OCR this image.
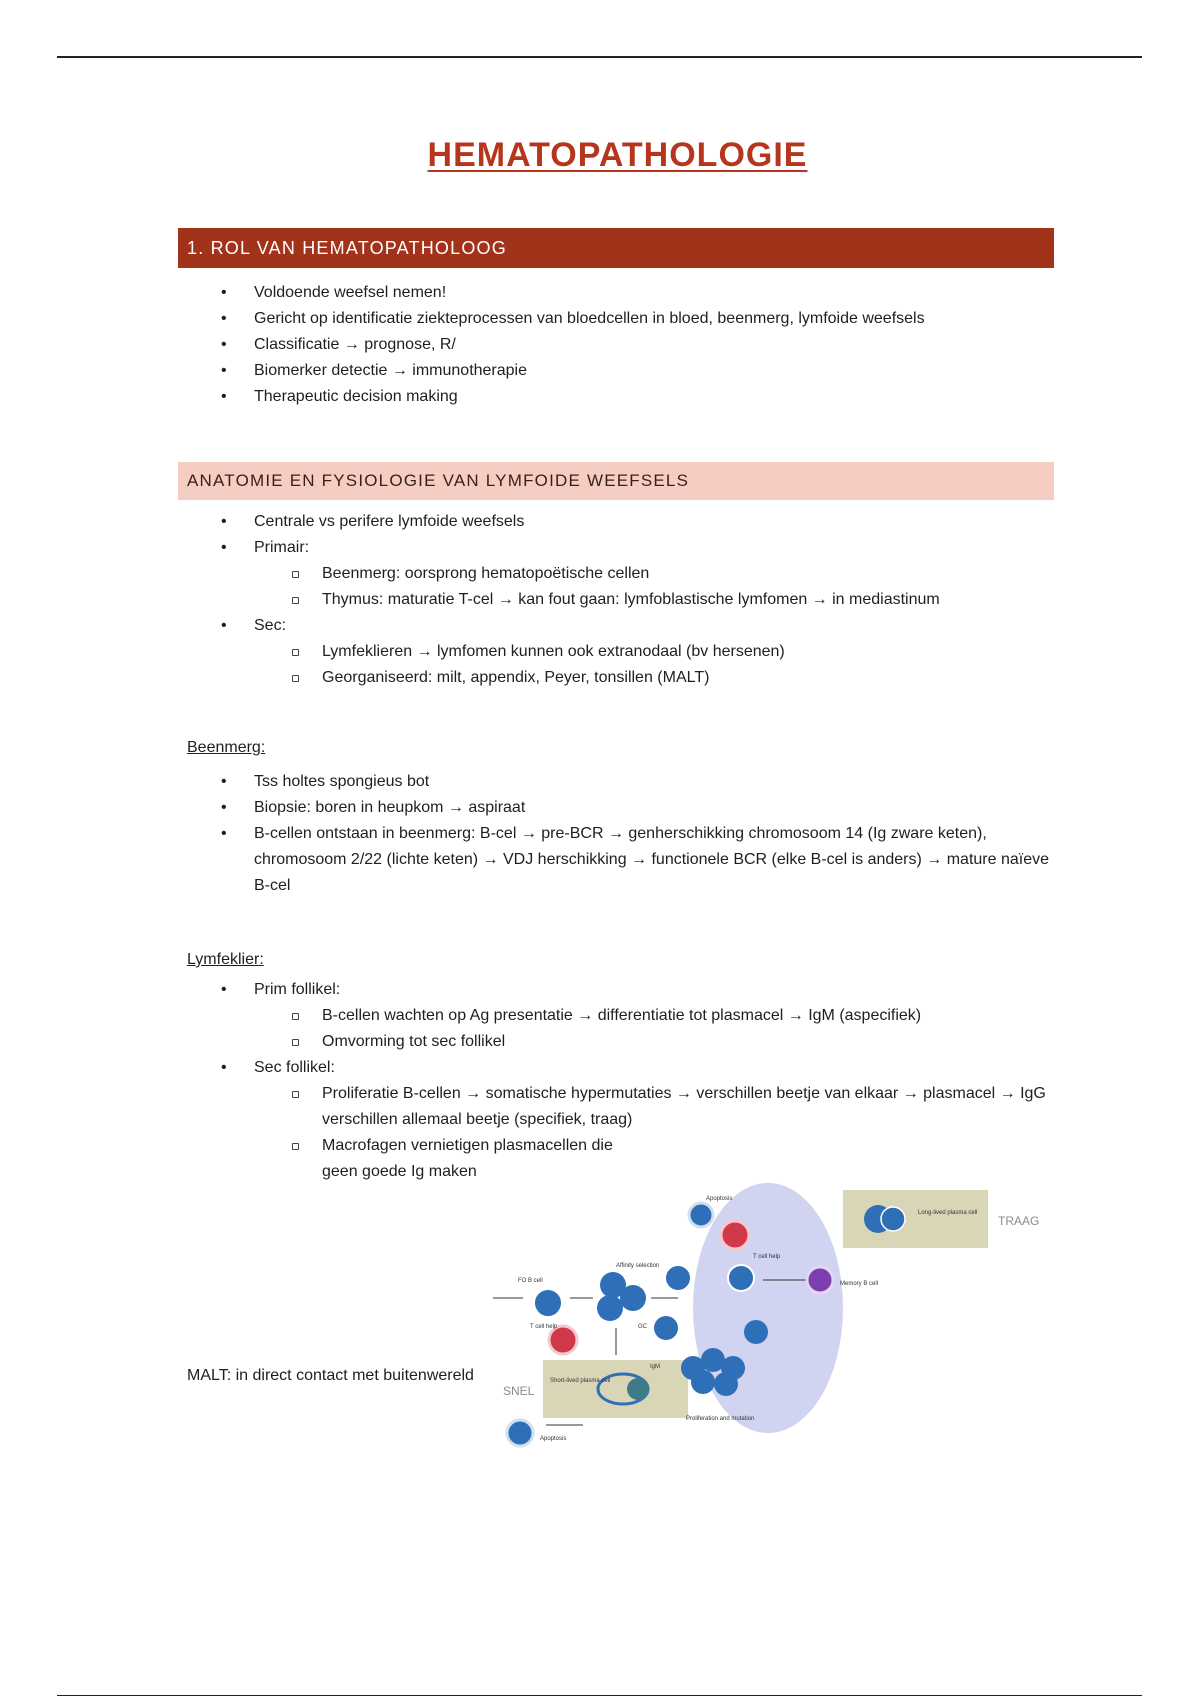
HEMATOPATHOLOGIE
1. ROL VAN HEMATOPATHOLOOG
• Voldoende weefsel nemen!
• Gericht op identificatie ziekteprocessen van bloedcellen in bloed, beenmerg, lymfoide weefsels
• Classificatie → prognose, R/
• Biomerker detectie → immunotherapie
• Therapeutic decision making
ANATOMIE EN FYSIOLOGIE VAN LYMFOIDE WEEFSELS
• Centrale vs perifere lymfoide weefsels
• Primair:
Beenmerg: oorsprong hematopoëtische cellen
Thymus: maturatie T-cel → kan fout gaan: lymfoblastische lymfomen → in mediastinum
• Sec:
Lymfeklieren → lymfomen kunnen ook extranodaal (bv hersenen)
Georganiseerd: milt, appendix, Peyer, tonsillen (MALT)
Beenmerg:
• Tss holtes spongieus bot
• Biopsie: boren in heupkom → aspiraat
• B-cellen ontstaan in beenmerg: B-cel → pre-BCR → genherschikking chromosoom 14 (Ig zware keten), chromosoom 2/22 (lichte keten) → VDJ herschikking → functionele BCR (elke B-cel is anders) → mature naïeve B-cel
Lymfeklier:
• Prim follikel:
B-cellen wachten op Ag presentatie → differentiatie tot plasmacel → IgM (aspecifiek)
Omvorming tot sec follikel
• Sec follikel:
Proliferatie B-cellen → somatische hypermutaties → verschillen beetje van elkaar → plasmacel → IgG verschillen allemaal beetje (specifiek, traag)
Macrofagen vernietigen plasmacellen die geen goede Ig maken
MALT: in direct contact met buitenwereld
Long-lived plasma cell
TRAAG
Short-lived plasma cell
SNEL
FO B cell
T cell help
IgM
Apoptosis
T cell help
Affinity selection
GC
Proliferation and mutation
Memory B cell
Apoptosis
